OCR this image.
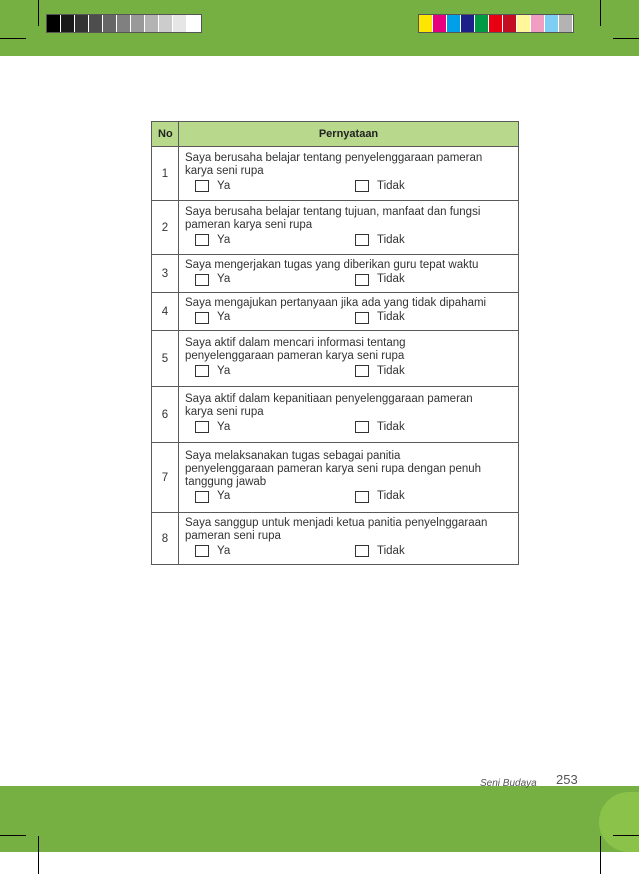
No	Pernyataan
1	Saya berusaha belajar tentang penyelenggaraan pameran
karya seni rupa
Ya Tidak

2	Saya berusaha belajar tentang tujuan, manfaat dan fungsi
pameran karya seni rupa
Ya Tidak

3	Saya mengerjakan tugas yang diberikan guru tepat waktu
Ya Tidak

4	Saya mengajukan pertanyaan jika ada yang tidak dipahami
Ya Tidak

5	Saya aktif dalam mencari informasi tentang
penyelenggaraan pameran karya seni rupa
Ya Tidak

6	Saya aktif dalam kepanitiaan penyelenggaraan pameran
karya seni rupa
Ya Tidak

7	Saya melaksanakan tugas sebagai panitia
penyelenggaraan pameran karya seni rupa dengan penuh
tanggung jawab
Ya Tidak

8	Saya sanggup untuk menjadi ketua panitia penyelnggaraan
pameran seni rupa
Ya Tidak
Seni Budaya 253
